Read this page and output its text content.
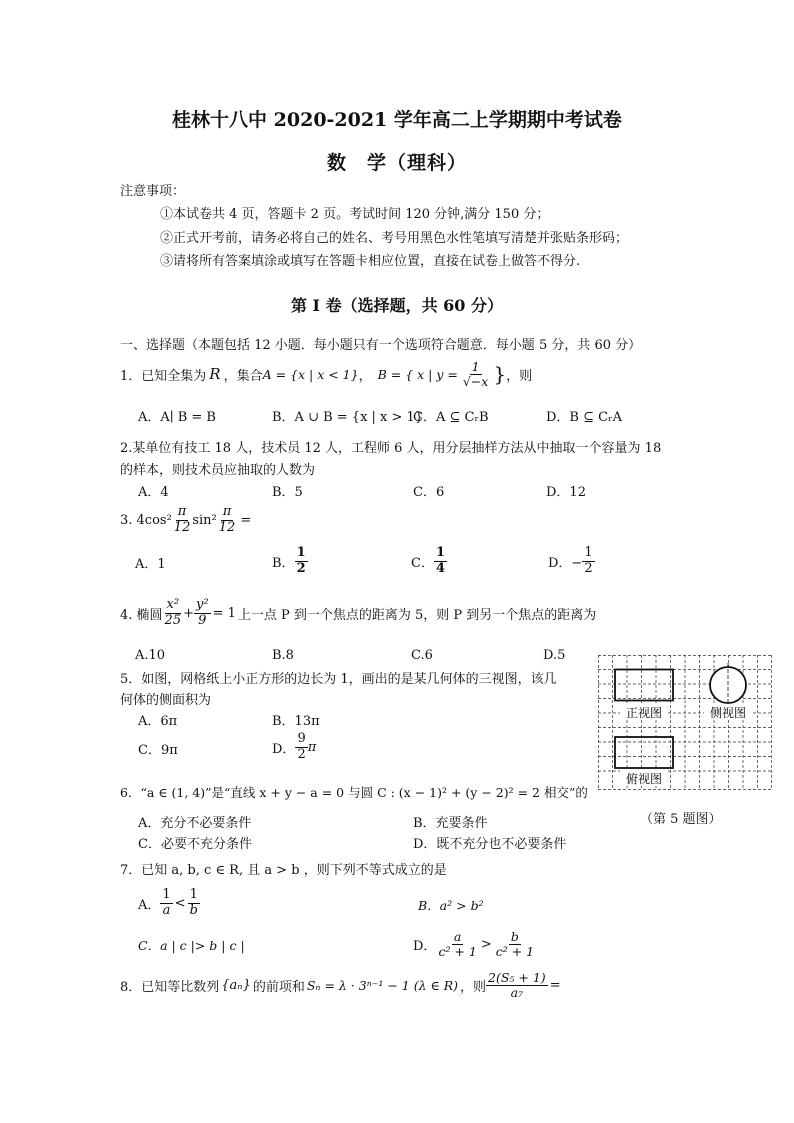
桂林十八中 2020-2021 学年高二上学期期中考试卷
数　学（理科）
注意事项：
①本试卷共 4 页，答题卡 2 页。考试时间 120 分钟,满分 150 分；
②正式开考前，请务必将自己的姓名、考号用黑色水性笔填写清楚并张贴条形码；
③请将所有答案填涂或填写在答题卡相应位置，直接在试卷上做答不得分.
第 I 卷（选择题，共 60 分）
一、选择题（本题包括 12 小题．每小题只有一个选项符合题意．每小题 5 分，共 60 分）
1．已知全集为 R ，集合 A = {x | x < 1} ， B = { x | $y = \frac{1}{√-x}$ } ，则
A．A∣ B = B	B．A ∪ B = {x | x > 1}
C．A ⊆ CᵣB	D．B ⊆ CᵣA
2.某单位有技工 18 人，技术员 12 人，工程师 6 人，用分层抽样方法从中抽取一个容量为 18
的样本，则技术员应抽取的人数为
A．4	B．5	C．6	D．12
3. $4\cos^2 \frac{\pi}{12} \sin^2 \frac{\pi}{12}$ =
A．1	B． $\frac{1}{2}$	C． $\frac{1}{4}$	D．− $\frac{1}{2}$
4. 椭圆 $\frac{\text{x²}}{25} + \frac{\text{y²}}{9} = 1$ 上一点 P 到一个焦点的距离为 5，则 P 到另一个焦点的距离为
A.10	B.8	C.6	D.5
5．如图，网格纸上小正方形的边长为 1，画出的是某几何体的三视图，该几
何体的侧面积为
A．6π	B．13π
C．9π	D． $\frac{9}{2}$ π
正视图	侧视图
俯视图
（第 5 题图）
6．“a ∈ (1, 4)”是“直线 x + y − a = 0 与圆 C : (x − 1)² + (y − 2)² = 2 相交”的
A．充分不必要条件	B．充要条件
C．必要不充分条件	D．既不充分也不必要条件
7．已知 a, b, c ∈ R, 且 a > b ，则下列不等式成立的是
A． $\frac{1}{a} < \frac{1}{b}$	B．a² > b²
C．a | c |> b | c |	D． $\frac{a}{\text{c² + 1}} > \frac{b}{\text{c² + 1}}$
8．已知等比数列 {aₙ} 的前项和 Sₙ = λ · 3ⁿ⁻¹ − 1 (λ ∈ R) ，则 $\frac{\text{2(S₅ + 1)}}{\text{a₇}}$ =
